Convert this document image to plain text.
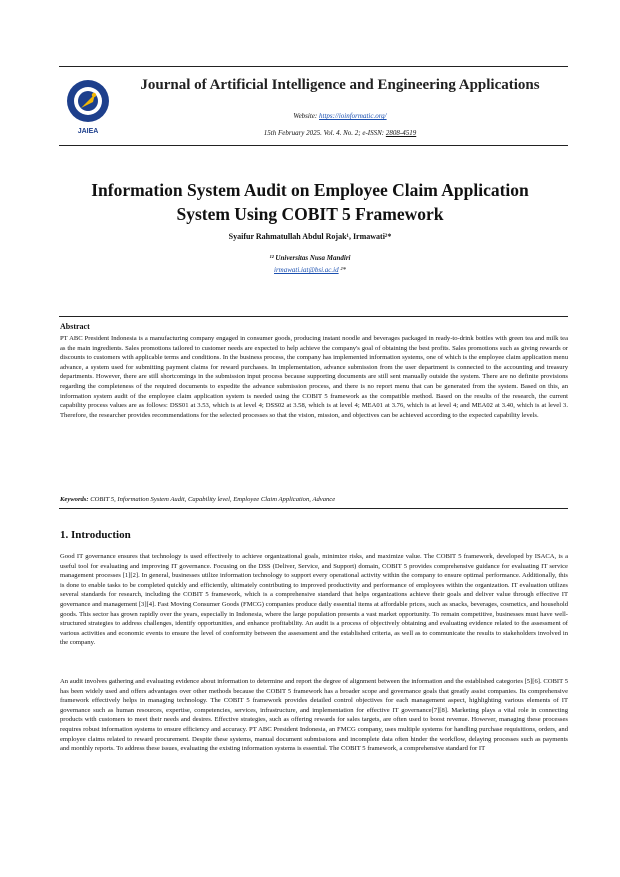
JAIEA
Journal of Artificial Intelligence and Engineering Applications
Website: https://ioinformatic.org/
15th February 2025. Vol. 4. No. 2; e-ISSN: 2808-4519
Information System Audit on Employee Claim Application System Using COBIT 5 Framework
Syaifur Rahmatullah Abdul Rojak¹, Irmawati²*
¹² Universitas Nusa Mandiri
irmawati.iat@bsi.ac.id ²*
Abstract
PT ABC President Indonesia is a manufacturing company engaged in consumer goods, producing instant noodle and beverages packaged in ready-to-drink bottles with green tea and milk tea as the main ingredients. Sales promotions tailored to customer needs are expected to help achieve the company's goal of obtaining the best profits. Sales promotions such as giving rewards or discounts to customers with applicable terms and conditions. In the business process, the company has implemented information systems, one of which is the employee claim application menu advance, a system used for submitting payment claims for reward purchases. In implementation, advance submission from the user department is connected to the accounting and treasury departments. However, there are still shortcomings in the submission input process because supporting documents are still sent manually outside the system. There are no definite provisions regarding the completeness of the required documents to expedite the advance submission process, and there is no report menu that can be generated from the system. Based on this, an information system audit of the employee claim application system is needed using the COBIT 5 framework as the compatible method. Based on the results of the research, the current capability process values are as follows: DSS01 at 3.53, which is at level 4; DSS02 at 3.58, which is at level 4; MEA01 at 3.76, which is at level 4; and MEA02 at 3.40, which is at level 3. Therefore, the researcher provides recommendations for the selected processes so that the vision, mission, and objectives can be achieved according to the expected capability levels.
Keywords: COBIT 5, Information System Audit, Capability level, Employee Claim Application, Advance
1. Introduction
Good IT governance ensures that technology is used effectively to achieve organizational goals, minimize risks, and maximize value. The COBIT 5 framework, developed by ISACA, is a useful tool for evaluating and improving IT governance. Focusing on the DSS (Deliver, Service, and Support) domain, COBIT 5 provides comprehensive guidance for evaluating IT service management processes [1][2]. In general, businesses utilize information technology to support every operational activity within the company to ensure optimal performance. Additionally, this is done to enable tasks to be completed quickly and efficiently, ultimately contributing to improved productivity and performance of employees within the organization. IT evaluation utilizes several standards for research, including the COBIT 5 framework, which is a comprehensive standard that helps organizations achieve their goals and deliver value through effective IT governance and management [3][4]. Fast Moving Consumer Goods (FMCG) companies produce daily essential items at affordable prices, such as snacks, beverages, cosmetics, and household goods. This sector has grown rapidly over the years, especially in Indonesia, where the large population presents a vast market opportunity. To remain competitive, businesses must have well-structured strategies to address challenges, identify opportunities, and enhance profitability. An audit is a process of objectively obtaining and evaluating evidence related to the assessment of various activities and economic events to ensure the level of conformity between the assessment and the established criteria, as well as to communicate the results to stakeholders involved in the company.
An audit involves gathering and evaluating evidence about information to determine and report the degree of alignment between the information and the established categories [5][6]. COBIT 5 has been widely used and offers advantages over other methods because the COBIT 5 framework has a broader scope and governance goals that greatly assist companies. Its comprehensive framework effectively helps in managing technology. The COBIT 5 framework provides detailed control objectives for each management aspect, highlighting various elements of IT governance such as human resources, expertise, competencies, services, infrastructure, and implementation for effective IT governance[7][8]. Marketing plays a vital role in connecting products with customers to meet their needs and desires. Effective strategies, such as offering rewards for sales targets, are often used to boost revenue. However, managing these processes requires robust information systems to ensure efficiency and accuracy. PT ABC President Indonesia, an FMCG company, uses multiple systems for handling purchase requisitions, orders, and employee claims related to reward procurement. Despite these systems, manual document submissions and incomplete data often hinder the workflow, delaying processes such as payments and monthly reports. To address these issues, evaluating the existing information systems is essential. The COBIT 5 framework, a comprehensive standard for IT
